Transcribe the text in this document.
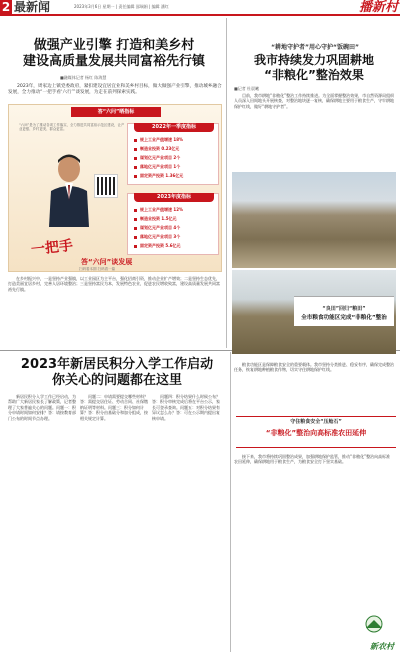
2 最新闻	2023年3月6日 星期一 | 责任编辑 邵瑞娟 | 编辑 潘红	播新村
做强产业引擎 打造和美乡村
建设高质量发展共同富裕先行镇
■融媒体记者 杨红 陈海慧
2023年，周家边上镇党委政府，紧扣建设宜居宜业和美乡村目标，做大做强产业引擎，推动城乡融合发展，全力推动“一把手看‘六行’”谈发展，为走在前列探索实践。
答“六问”晒指标
“六问”是为了推动各项工作落实，全力推进共同富裕示范区建设，让产业更强、乡村更美、群众更富。
一把手
答“六问”谈发展
扫码看本期 扫码看一篇
2022年一季度指标
规上工业产值增速 18%
制造业投资 0.23亿元
谋划亿元产业项目 2个
落地亿元产业项目 1个
固定资产投资 1.36亿元
2023年度指标
规上工业产值增速 12%
制造业投资 1.5亿元
谋划亿元产业项目 4个
落地亿元产业项目 3个
固定资产投资 5.6亿元
在乡村振兴中，一是坚持产业强镇，以工业园区为主平台，强化招商引资，推动企业扩产增效；二是坚持生态优先，打造美丽宜居乡村，完善人居环境整治；三是坚持富民为本，发展特色农业，促进农民增收致富，建设高质量发展共同富裕先行镇。
“耕地守护者”用心守护“饭碗田”
我市持续发力巩固耕地
“非粮化”整治效果
■记者 杜晨曦
目前，我市耕地“非粮化”整治工作持续推进。为全面掌握整治效果，市自然资源局组织人员深入田间地头开展核查，对整治地块逐一复核，确保耕地主要用于粮食生产，守牢耕地保护红线，做好“耕地守护者”。
“良田”回归“粮田”
全市粮食功能区完成“非粮化”整治
2023年新居民积分入学工作启动
你关心的问题都在这里
新居民积分入学工作已经启动，为帮助广大新居民家长了解政策，记者整理了大家普遍关心的问题。问题一：积分申请时间如何安排？答：请按教育部门公布的时间节点办理。
问题二：申请需要提交哪些材料？答：需提交居住证、劳动合同、社保缴纳证明等材料。问题三：积分如何计算？答：积分由基础分和加分组成，按相关规定计算。
问题四：积分结果什么时候公布？答：积分审核完成后将在平台公示，家长可登录查询。问题五：对积分结果有异议怎么办？答：可在公示期内提出复核申请。
粮食功能区是保障粮食安全的重要载体。我市坚持分类推进、稳妥有序，确保完成整治任务，恢复耕地种植粮食作物，切实守住耕地保护红线。
守住粮食安全“压舱石”
“非粮化”整治向高标准农田延伸
接下来，我市将持续巩固整治成果，加强耕地保护监管，推动“非粮化”整治向高标准农田延伸，确保耕地用于粮食生产，为粮食安全打下坚实基础。
新农村
